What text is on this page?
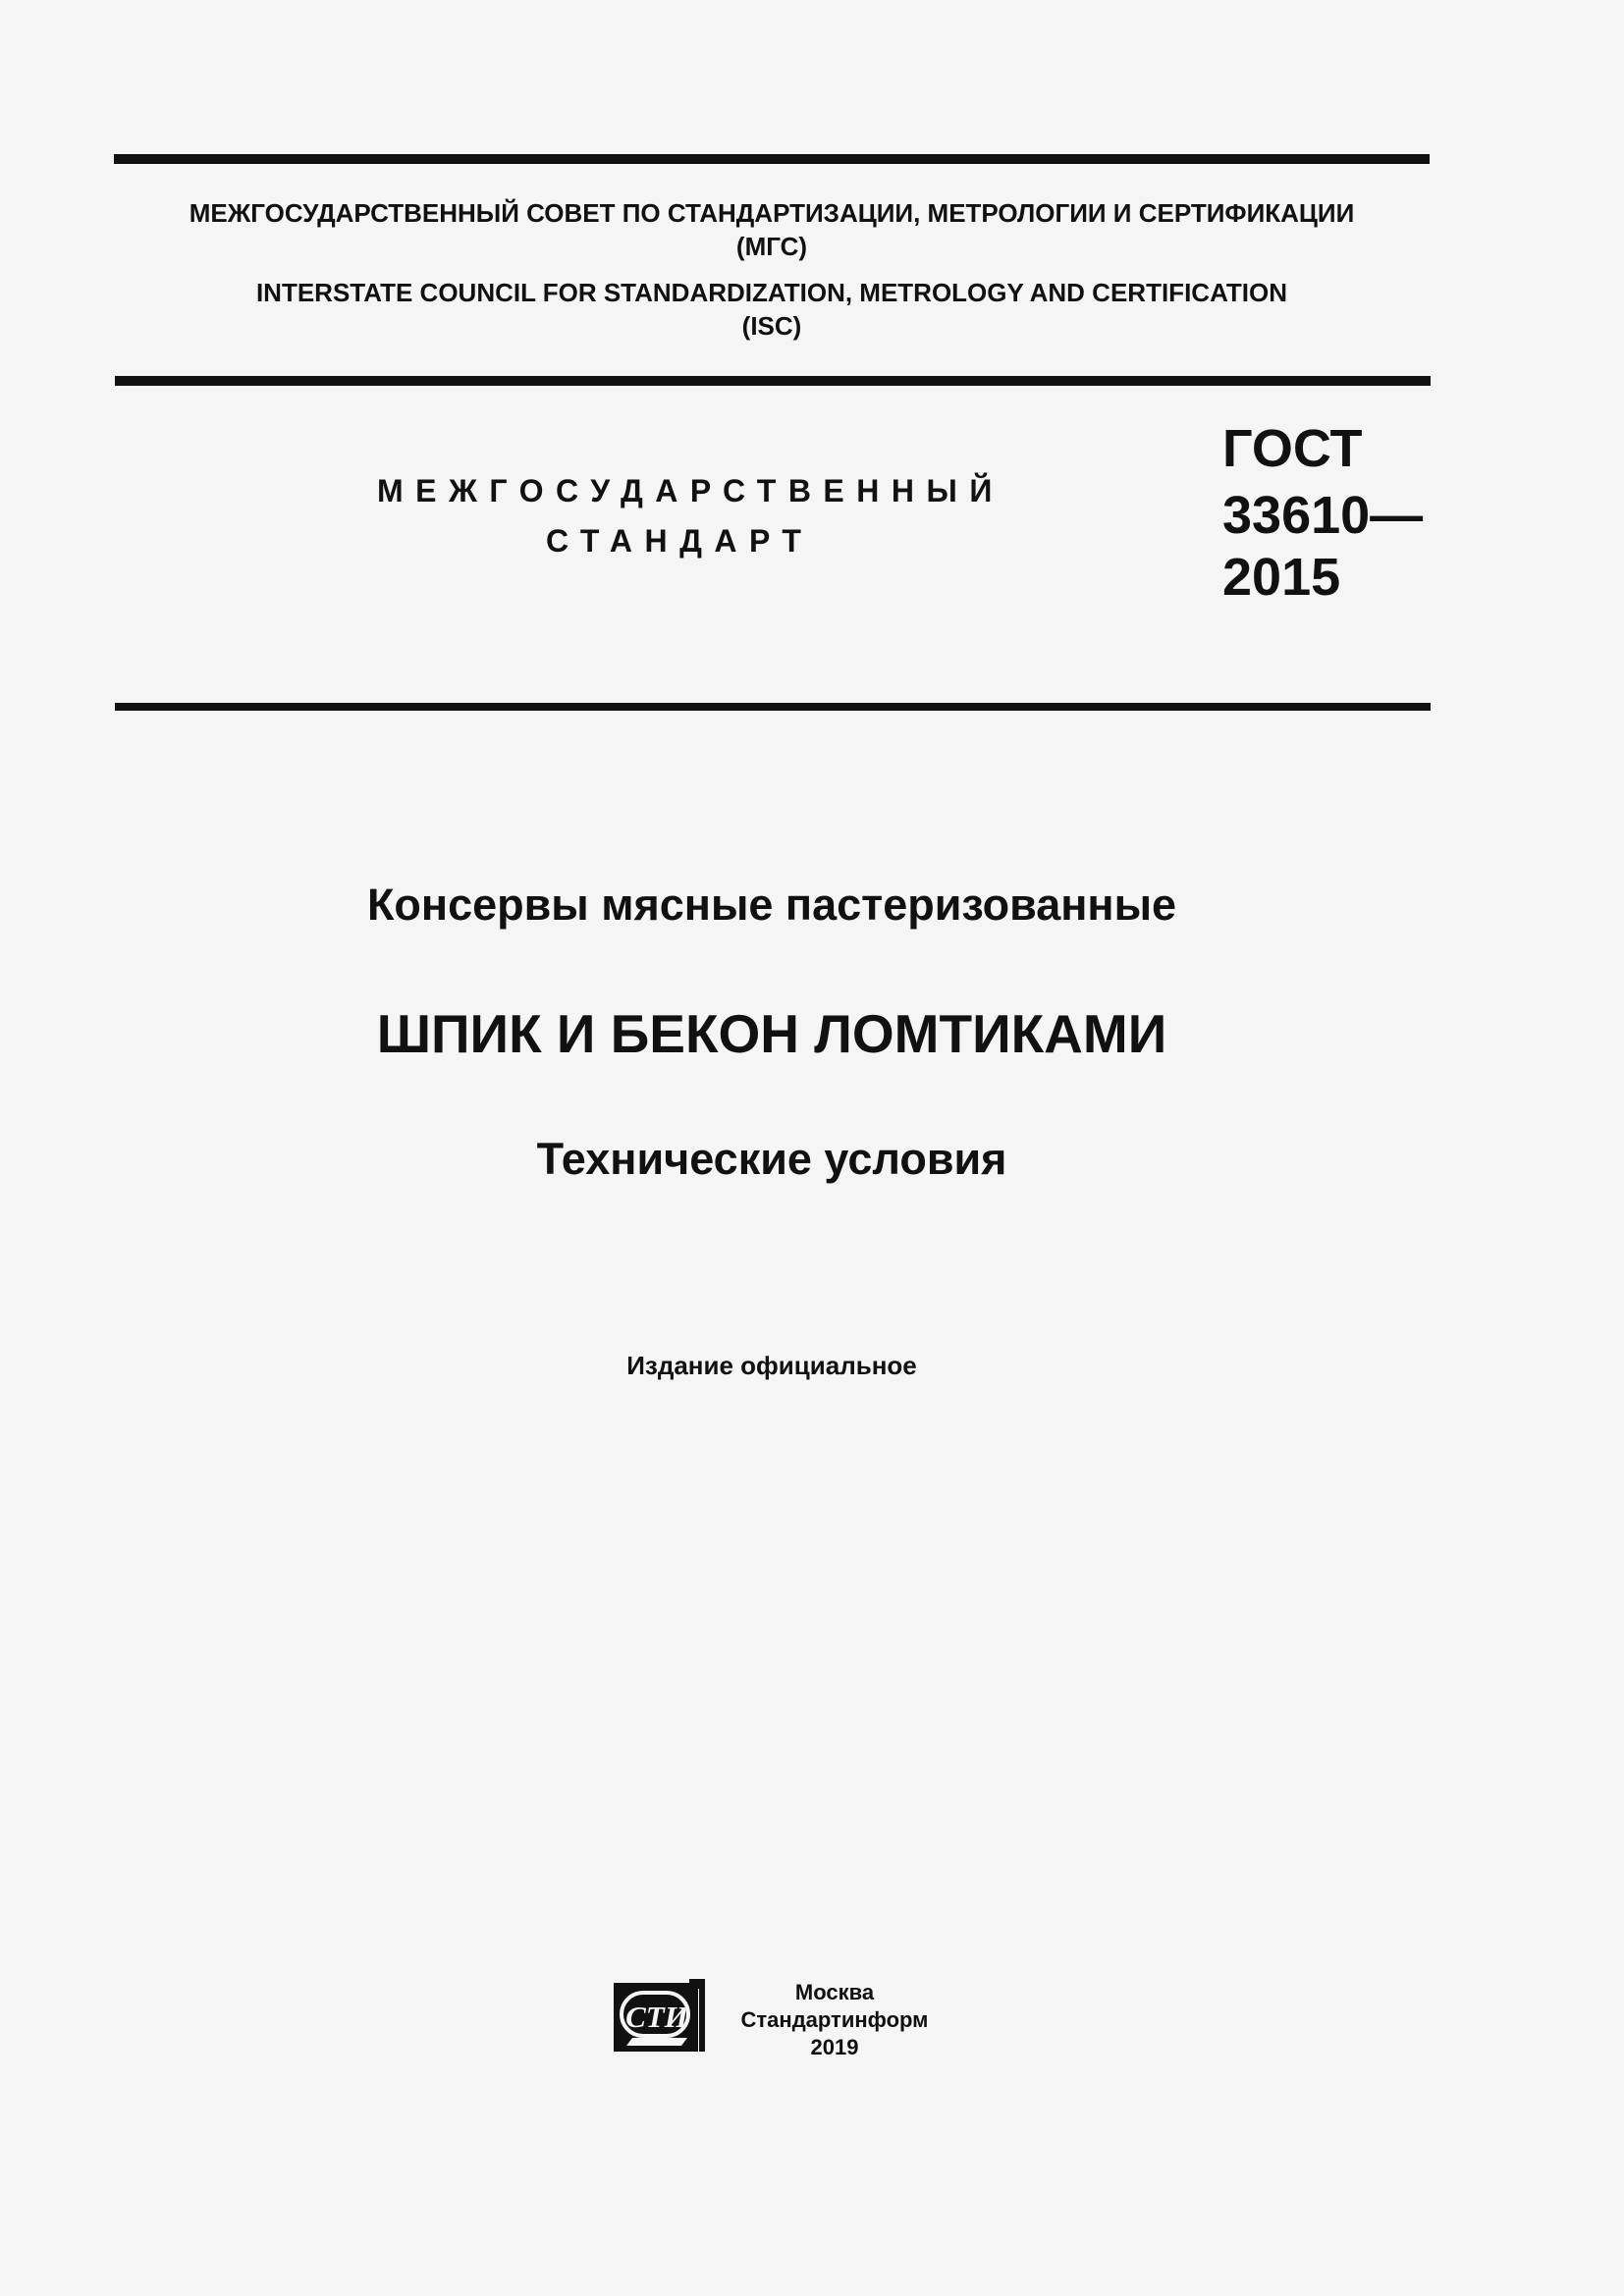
МЕЖГОСУДАРСТВЕННЫЙ СОВЕТ ПО СТАНДАРТИЗАЦИИ, МЕТРОЛОГИИ И СЕРТИФИКАЦИИ
(МГС)
INTERSTATE COUNCIL FOR STANDARDIZATION, METROLOGY AND CERTIFICATION
(ISC)
МЕЖГОСУДАРСТВЕННЫЙ
СТАНДАРТ
ГОСТ
33610—
2015
Консервы мясные пастеризованные
ШПИК И БЕКОН ЛОМТИКАМИ
Технические условия
Издание официальное
СТИ
Москва
Стандартинформ
2019
